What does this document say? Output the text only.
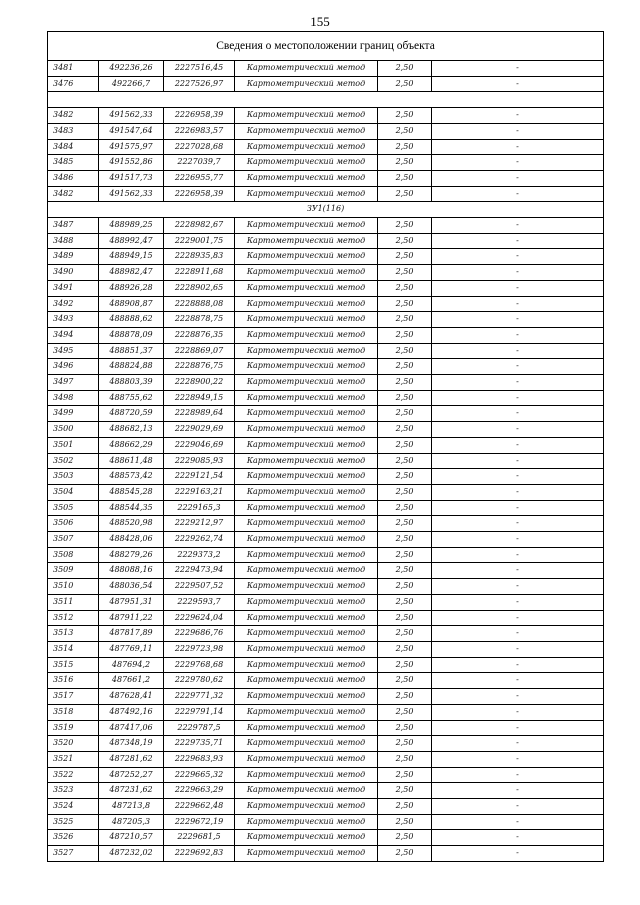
155
Сведения о местоположении границ объекта					
3481	492236,26	2227516,45	Картометрический метод	2,50	-
3476	492266,7	2227526,97	Картометрический метод	2,50	-

3482	491562,33	2226958,39	Картометрический метод	2,50	-
3483	491547,64	2226983,57	Картометрический метод	2,50	-
3484	491575,97	2227028,68	Картометрический метод	2,50	-
3485	491552,86	2227039,7	Картометрический метод	2,50	-
3486	491517,73	2226955,77	Картометрический метод	2,50	-
3482	491562,33	2226958,39	Картометрический метод	2,50	-
ЗУ1(116)					
3487	488989,25	2228982,67	Картометрический метод	2,50	-
3488	488992,47	2229001,75	Картометрический метод	2,50	-
3489	488949,15	2228935,83	Картометрический метод	2,50	-
3490	488982,47	2228911,68	Картометрический метод	2,50	-
3491	488926,28	2228902,65	Картометрический метод	2,50	-
3492	488908,87	2228888,08	Картометрический метод	2,50	-
3493	488888,62	2228878,75	Картометрический метод	2,50	-
3494	488878,09	2228876,35	Картометрический метод	2,50	-
3495	488851,37	2228869,07	Картометрический метод	2,50	-
3496	488824,88	2228876,75	Картометрический метод	2,50	-
3497	488803,39	2228900,22	Картометрический метод	2,50	-
3498	488755,62	2228949,15	Картометрический метод	2,50	-
3499	488720,59	2228989,64	Картометрический метод	2,50	-
3500	488682,13	2229029,69	Картометрический метод	2,50	-
3501	488662,29	2229046,69	Картометрический метод	2,50	-
3502	488611,48	2229085,93	Картометрический метод	2,50	-
3503	488573,42	2229121,54	Картометрический метод	2,50	-
3504	488545,28	2229163,21	Картометрический метод	2,50	-
3505	488544,35	2229165,3	Картометрический метод	2,50	-
3506	488520,98	2229212,97	Картометрический метод	2,50	-
3507	488428,06	2229262,74	Картометрический метод	2,50	-
3508	488279,26	2229373,2	Картометрический метод	2,50	-
3509	488088,16	2229473,94	Картометрический метод	2,50	-
3510	488036,54	2229507,52	Картометрический метод	2,50	-
3511	487951,31	2229593,7	Картометрический метод	2,50	-
3512	487911,22	2229624,04	Картометрический метод	2,50	-
3513	487817,89	2229686,76	Картометрический метод	2,50	-
3514	487769,11	2229723,98	Картометрический метод	2,50	-
3515	487694,2	2229768,68	Картометрический метод	2,50	-
3516	487661,2	2229780,62	Картометрический метод	2,50	-
3517	487628,41	2229771,32	Картометрический метод	2,50	-
3518	487492,16	2229791,14	Картометрический метод	2,50	-
3519	487417,06	2229787,5	Картометрический метод	2,50	-
3520	487348,19	2229735,71	Картометрический метод	2,50	-
3521	487281,62	2229683,93	Картометрический метод	2,50	-
3522	487252,27	2229665,32	Картометрический метод	2,50	-
3523	487231,62	2229663,29	Картометрический метод	2,50	-
3524	487213,8	2229662,48	Картометрический метод	2,50	-
3525	487205,3	2229672,19	Картометрический метод	2,50	-
3526	487210,57	2229681,5	Картометрический метод	2,50	-
3527	487232,02	2229692,83	Картометрический метод	2,50	-
